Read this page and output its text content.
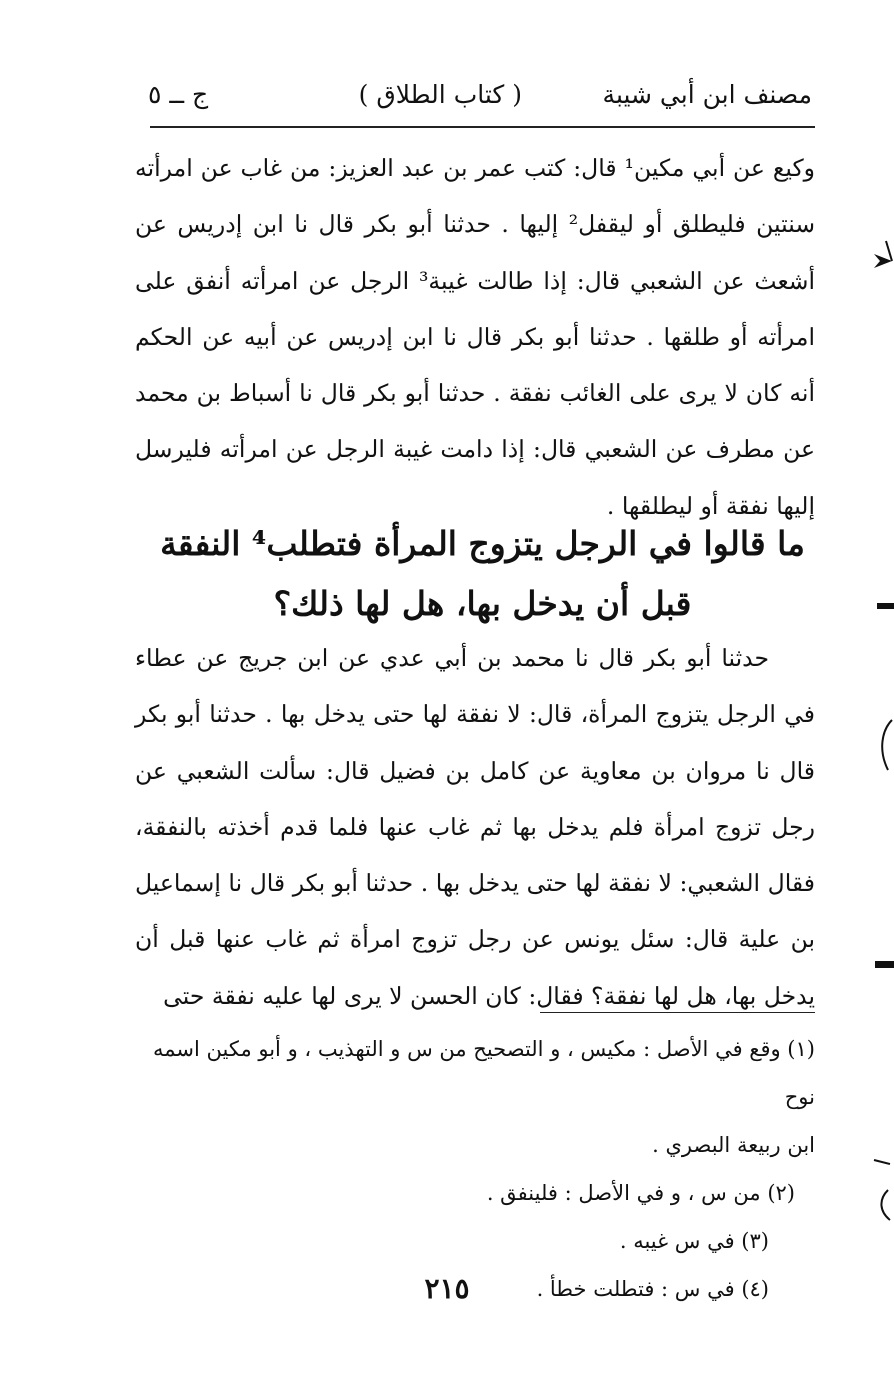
مصنف ابن أبي شيبة
( كتاب الطلاق )
ج ــ ٥

وكيع عن أبي مكين¹ قال: كتب عمر بن عبد العزيز: من غاب عن امرأته سنتين فليطلق أو ليقفل² إليها . حدثنا أبو بكر قال نا ابن إدريس عن أشعث عن الشعبي قال: إذا طالت غيبة³ الرجل عن امرأته أنفق على امرأته أو طلقها . حدثنا أبو بكر قال نا ابن إدريس عن أبيه عن الحكم أنه كان لا يرى على الغائب نفقة . حدثنا أبو بكر قال نا أسباط بن محمد عن مطرف عن الشعبي قال: إذا دامت غيبة الرجل عن امرأته فليرسل إليها نفقة أو ليطلقها .

ما قالوا في الرجل يتزوج المرأة فتطلب⁴ النفقة
قبل أن يدخل بها، هل لها ذلك؟

حدثنا أبو بكر قال نا محمد بن أبي عدي عن ابن جريج عن عطاء في الرجل يتزوج المرأة، قال: لا نفقة لها حتى يدخل بها . حدثنا أبو بكر قال نا مروان بن معاوية عن كامل بن فضيل قال: سألت الشعبي عن رجل تزوج امرأة فلم يدخل بها ثم غاب عنها فلما قدم أخذته بالنفقة، فقال الشعبي: لا نفقة لها حتى يدخل بها . حدثنا أبو بكر قال نا إسماعيل بن علية قال: سئل يونس عن رجل تزوج امرأة ثم غاب عنها قبل أن يدخل بها، هل لها نفقة؟ فقال: كان الحسن لا يرى لها عليه نفقة حتى

(١) وقع في الأصل : مكيس ، و التصحيح من س و التهذيب ، و أبو مكين اسمه نوح
ابن ربيعة البصري .
(٢) من س ، و في الأصل : فلينفق .
(٣) في س غيبه .
(٤) في س : فتطلت خطأ .
٢١٥
